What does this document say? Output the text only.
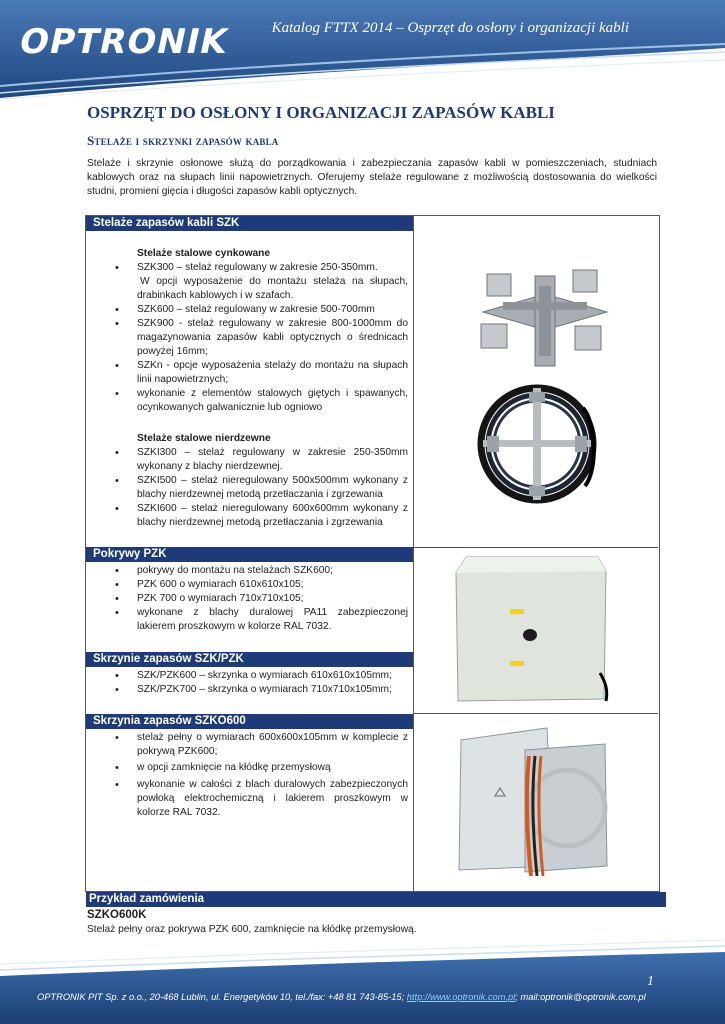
OPTRONIK	Katalog FTTX 2014 – Osprzęt do osłony i organizacji kabli
OSPRZĘT DO OSŁONY I ORGANIZACJI ZAPASÓW KABLI
Stelaże i skrzynki zapasów kabla

Stelaże i skrzynie osłonowe służą do porządkowania i zabezpieczania zapasów kabli w pomieszczeniach, studniach kablowych oraz na słupach linii napowietrznych. Oferujemy stelaże regulowane z możliwością dostosowania do wielkości studni, promieni gięcia i długości zapasów kabli optycznych.

Stelaże zapasów kabli SZK
Stelaże stalowe cynkowane
• SZK300 – stelaż regulowany w zakresie 250-350mm.
W opcji wyposażenie do montażu stelaża na słupach, drabinkach kablowych i w szafach.
• SZK600 – stelaż regulowany w zakresie 500-700mm
• SZK900 - stelaż regulowany w zakresie 800-1000mm do magazynowania zapasów kabli optycznych o średnicach powyżej 16mm;
• SZKn - opcje wyposażenia stelaży do montażu na słupach linii napowietrznych;
• wykonanie z elementów stalowych giętych i spawanych, ocynkowanych galwanicznie lub ogniowo
Stelaże stalowe nierdzewne
• SZKI300 – stelaż regulowany w zakresie 250-350mm wykonany z blachy nierdzewnej.
• SZKI500 – stelaż nieregulowany 500x500mm wykonany z blachy nierdzewnej metodą przetłaczania i zgrzewania
• SZKI600 – stelaż nieregulowany 600x600mm wykonany z blachy nierdzewnej metodą przetłaczania i zgrzewania
Pokrywy PZK
• pokrywy do montażu na stelażach SZK600;
• PZK 600 o wymiarach 610x610x105;
• PZK 700 o wymiarach 710x710x105;
• wykonane z blachy duralowej PA11 zabezpieczonej lakierem proszkowym w kolorze RAL 7032.
Skrzynie zapasów SZK/PZK
• SZK/PZK600 – skrzynka o wymiarach 610x610x105mm;
• SZK/PZK700 – skrzynka o wymiarach 710x710x105mm;
Skrzynia zapasów SZKO600
• stelaż pełny o wymiarach 600x600x105mm w komplecie z pokrywą PZK600;
• w opcji zamknięcie na kłódkę przemysłową
• wykonanie w całości z blach duralowych zabezpieczonych powłoką elektrochemiczną i lakierem proszkowym w kolorze RAL 7032.
Przykład zamówienia
SZKO600K
Stelaż pełny oraz pokrywa PZK 600, zamknięcie na kłódkę przemysłową.
1
OPTRONIK PIT Sp. z o.o., 20-468 Lublin, ul. Energetyków 10, tel./fax: +48 81 743-85-15; http://www.optronik.com.pl; mail:optronik@optronik.com.pl
